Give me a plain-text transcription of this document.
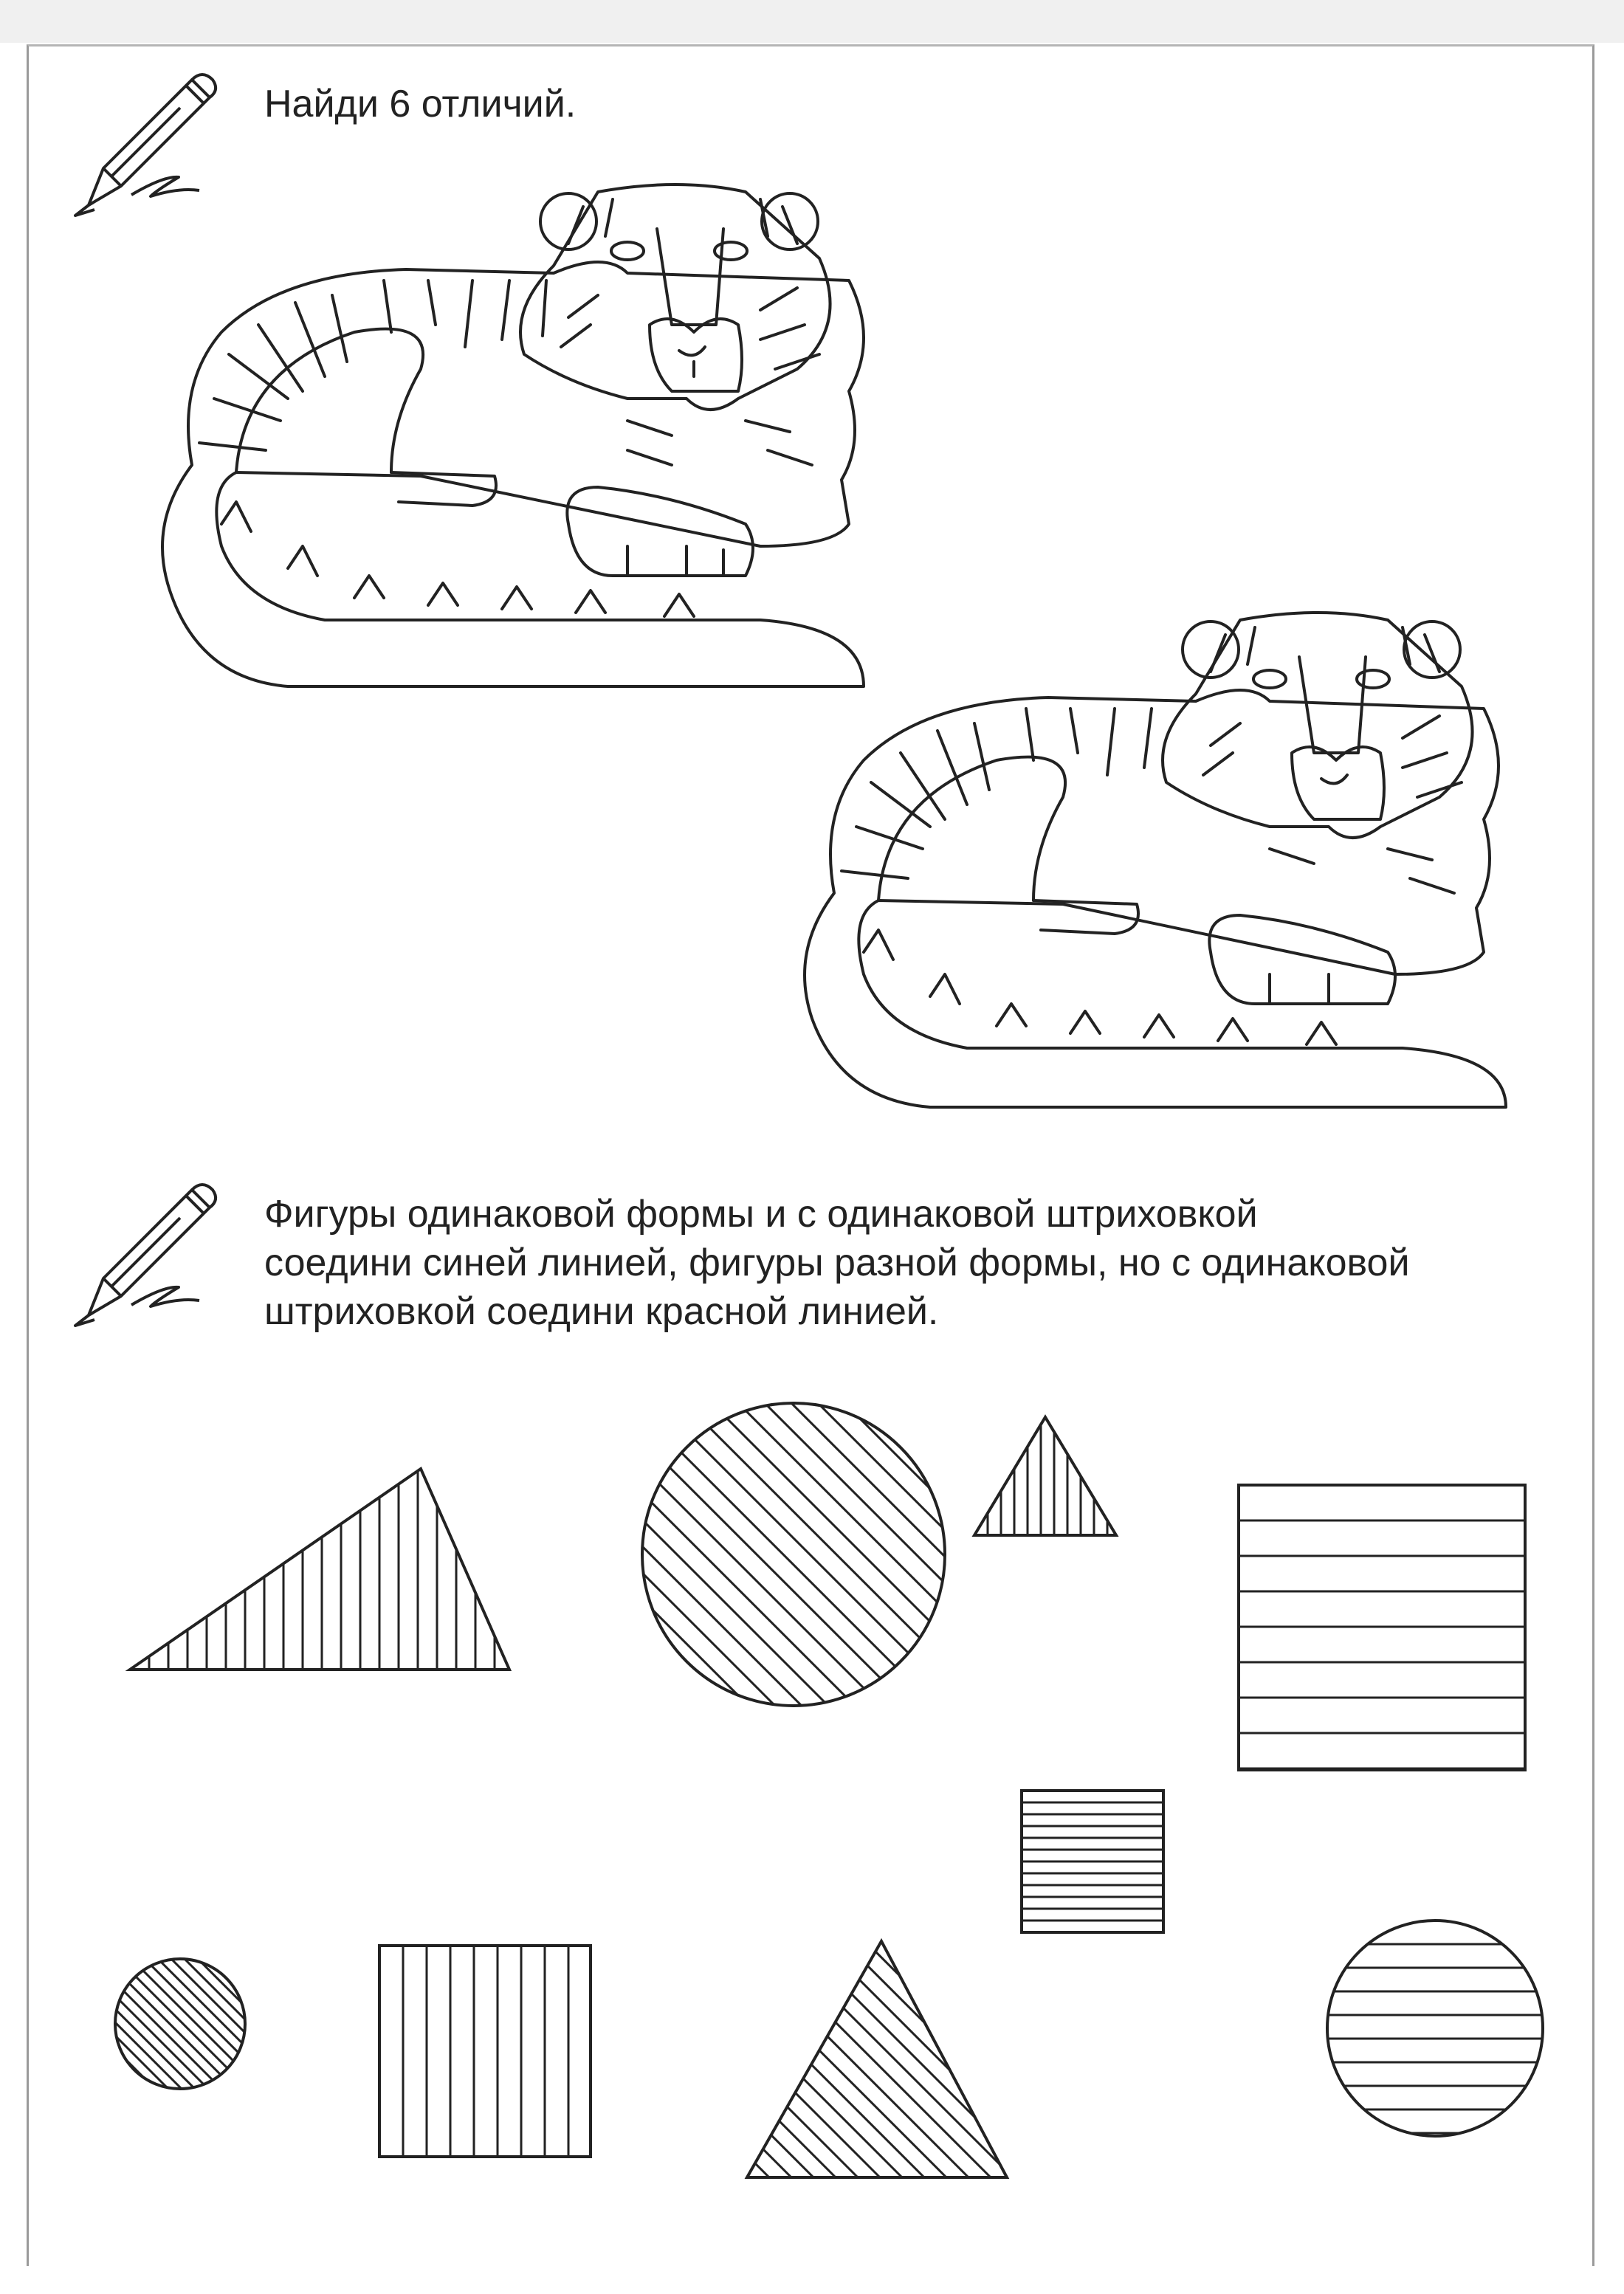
Найди 6 отличий.

Фигуры одинаковой формы и с одинаковой штриховкой
соедини синей линией, фигуры разной формы, но с одинаковой
штриховкой соедини красной линией.
